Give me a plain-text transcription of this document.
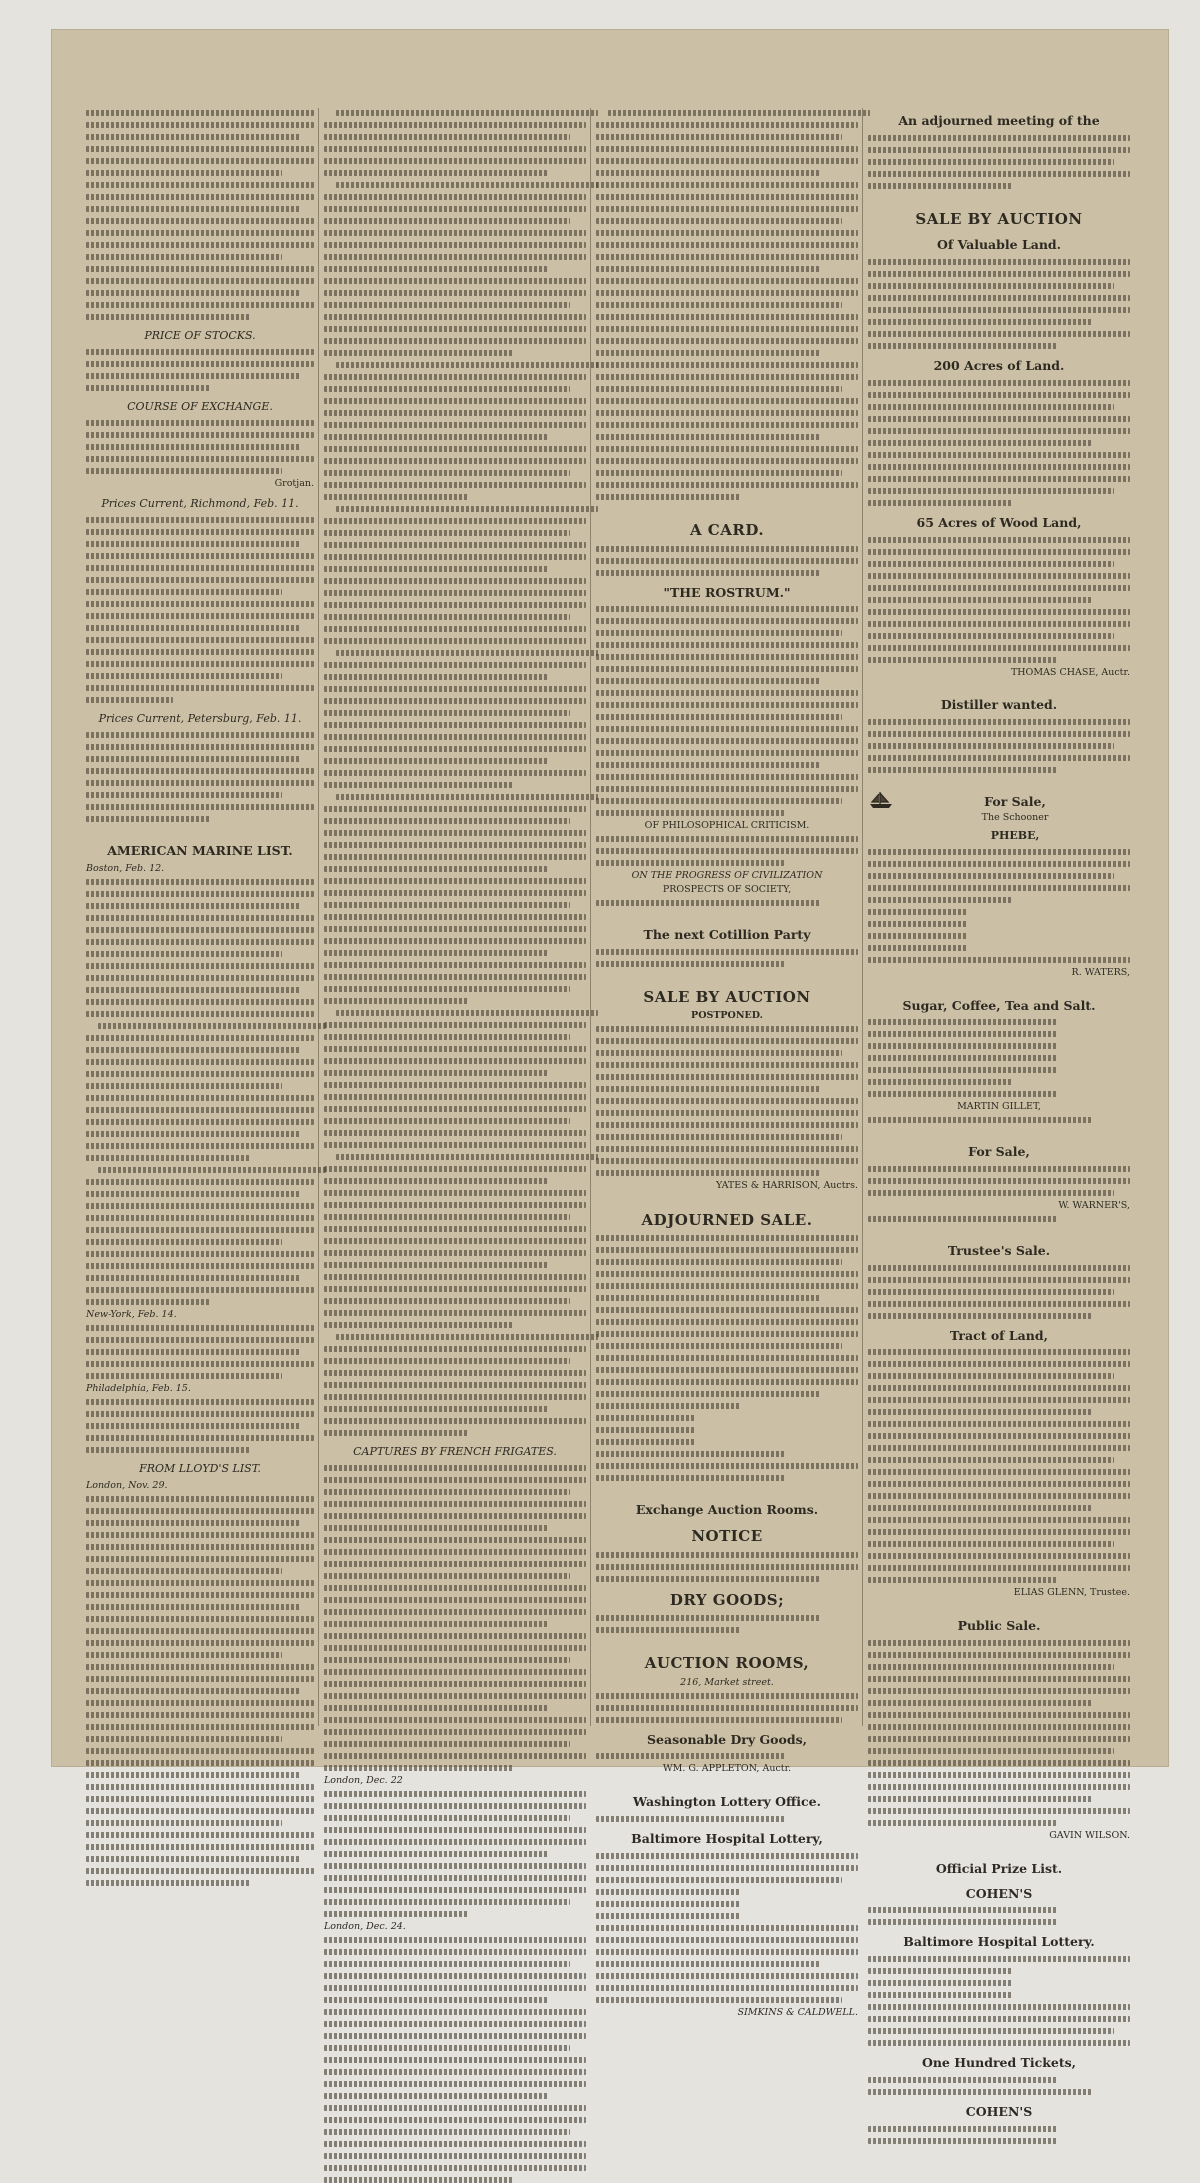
PRICE OF STOCKS.
COURSE OF EXCHANGE.
Grotjan.
Prices Current, Richmond, Feb. 11.
Prices Current, Petersburg, Feb. 11.
AMERICAN MARINE LIST.
Boston, Feb. 12.
New-York, Feb. 14.
Philadelphia, Feb. 15.
FROM LLOYD'S LIST.
London, Nov. 29.
CAPTURES BY FRENCH FRIGATES.
London, Dec. 22
London, Dec. 24.
A CARD.
"THE ROSTRUM."
OF PHILOSOPHICAL CRITICISM.
ON THE PROGRESS OF CIVILIZATION
PROSPECTS OF SOCIETY,
The next Cotillion Party
SALE BY AUCTION
POSTPONED.
YATES & HARRISON, Auctrs.
ADJOURNED SALE.
Exchange Auction Rooms.
NOTICE
DRY GOODS;
AUCTION ROOMS,
216, Market street.
Seasonable Dry Goods,
WM. G. APPLETON, Auctr.
Washington Lottery Office.
Baltimore Hospital Lottery,
SIMKINS & CALDWELL.
An adjourned meeting of the
SALE BY AUCTION
Of Valuable Land.
200 Acres of Land.
65 Acres of Wood Land,
THOMAS CHASE, Auctr.
Distiller wanted.
For Sale,
The Schooner
PHEBE,
R. WATERS,
Sugar, Coffee, Tea and Salt.
MARTIN GILLET,
For Sale,
W. WARNER'S,
Trustee's Sale.
Tract of Land,
ELIAS GLENN, Trustee.
Public Sale.
GAVIN WILSON.
Official Prize List.
COHEN'S
Baltimore Hospital Lottery.
One Hundred Tickets,
COHEN'S
